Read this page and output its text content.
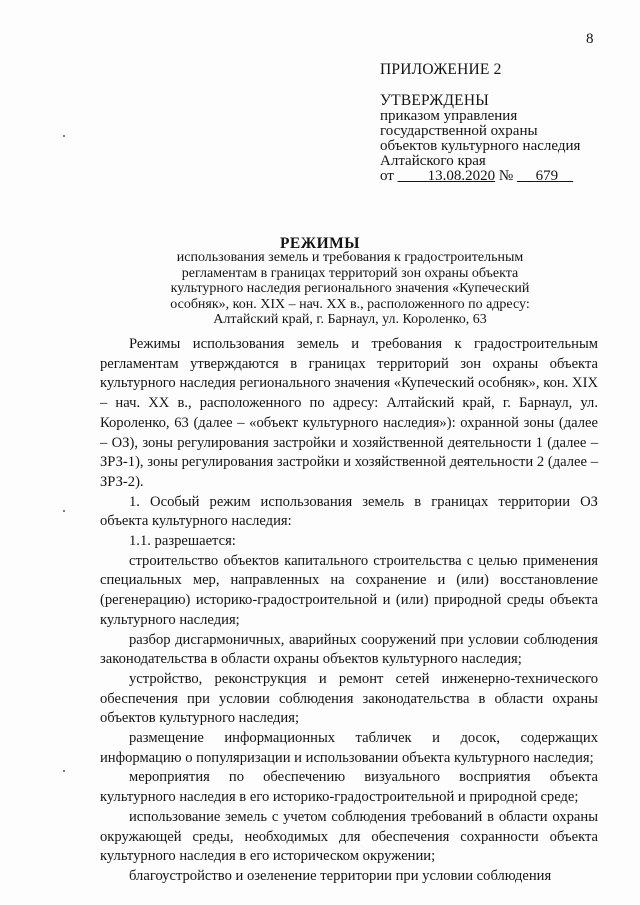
8
ПРИЛОЖЕНИЕ 2
УТВЕРЖДЕНЫ
приказом управления
государственной охраны
объектов культурного наследия
Алтайского края
от 13.08.2020 № 679
РЕЖИМЫ
использования земель и требования к градостроительным регламентам в границах территорий зон охраны объекта культурного наследия регионального значения «Купеческий особняк», кон. XIX – нач. XX в., расположенного по адресу: Алтайский край, г. Барнаул, ул. Короленко, 63

Режимы использования земель и требования к градостроительным регламентам утверждаются в границах территорий зон охраны объекта культурного наследия регионального значения «Купеческий особняк», кон. XIX – нач. XX в., расположенного по адресу: Алтайский край, г. Барнаул, ул. Короленко, 63 (далее – «объект культурного наследия»): охранной зоны (далее – ОЗ), зоны регулирования застройки и хозяйственной деятельности 1 (далее – ЗРЗ-1), зоны регулирования застройки и хозяйственной деятельности 2 (далее – ЗРЗ-2).

1. Особый режим использования земель в границах территории ОЗ объекта культурного наследия:

1.1. разрешается:

строительство объектов капитального строительства с целью применения специальных мер, направленных на сохранение и (или) восстановление (регенерацию) историко-градостроительной и (или) природной среды объекта культурного наследия;

разбор дисгармоничных, аварийных сооружений при условии соблюдения законодательства в области охраны объектов культурного наследия;

устройство, реконструкция и ремонт сетей инженерно-технического обеспечения при условии соблюдения законодательства в области охраны объектов культурного наследия;

размещение информационных табличек и досок, содержащих информацию о популяризации и использовании объекта культурного наследия;

мероприятия по обеспечению визуального восприятия объекта культурного наследия в его историко-градостроительной и природной среде;

использование земель с учетом соблюдения требований в области охраны окружающей среды, необходимых для обеспечения сохранности объекта культурного наследия в его историческом окружении;

благоустройство и озеленение территории при условии соблюдения
